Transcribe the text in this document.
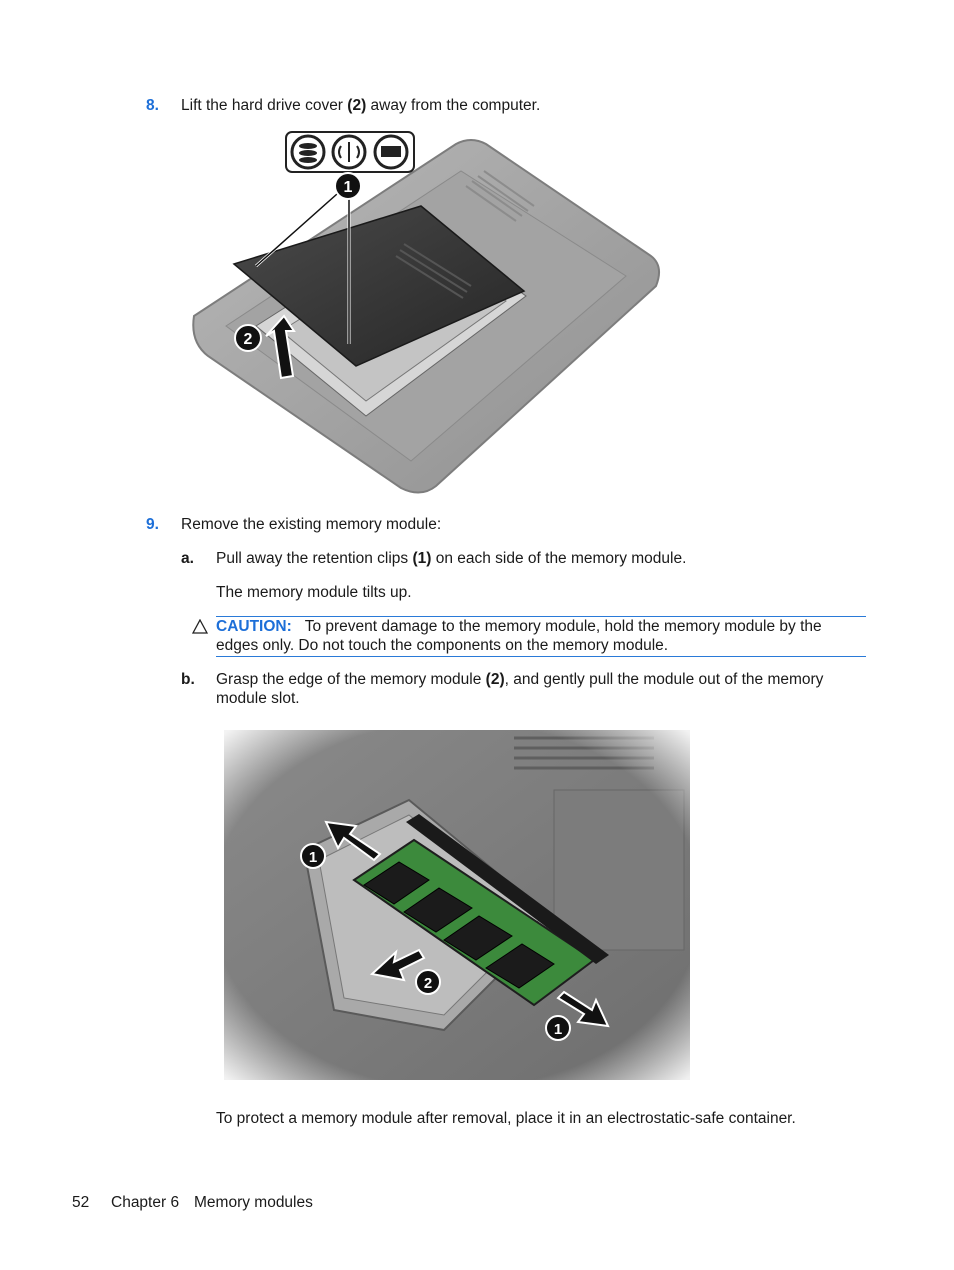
8. Lift the hard drive cover (2) away from the computer.
1
2
9. Remove the existing memory module:
a. Pull away the retention clips (1) on each side of the memory module.
The memory module tilts up.
CAUTION: To prevent damage to the memory module, hold the memory module by the
edges only. Do not touch the components on the memory module.
b. Grasp the edge of the memory module (2), and gently pull the module out of the memory
module slot.
To protect a memory module after removal, place it in an electrostatic-safe container.
52 Chapter 6 Memory modules
